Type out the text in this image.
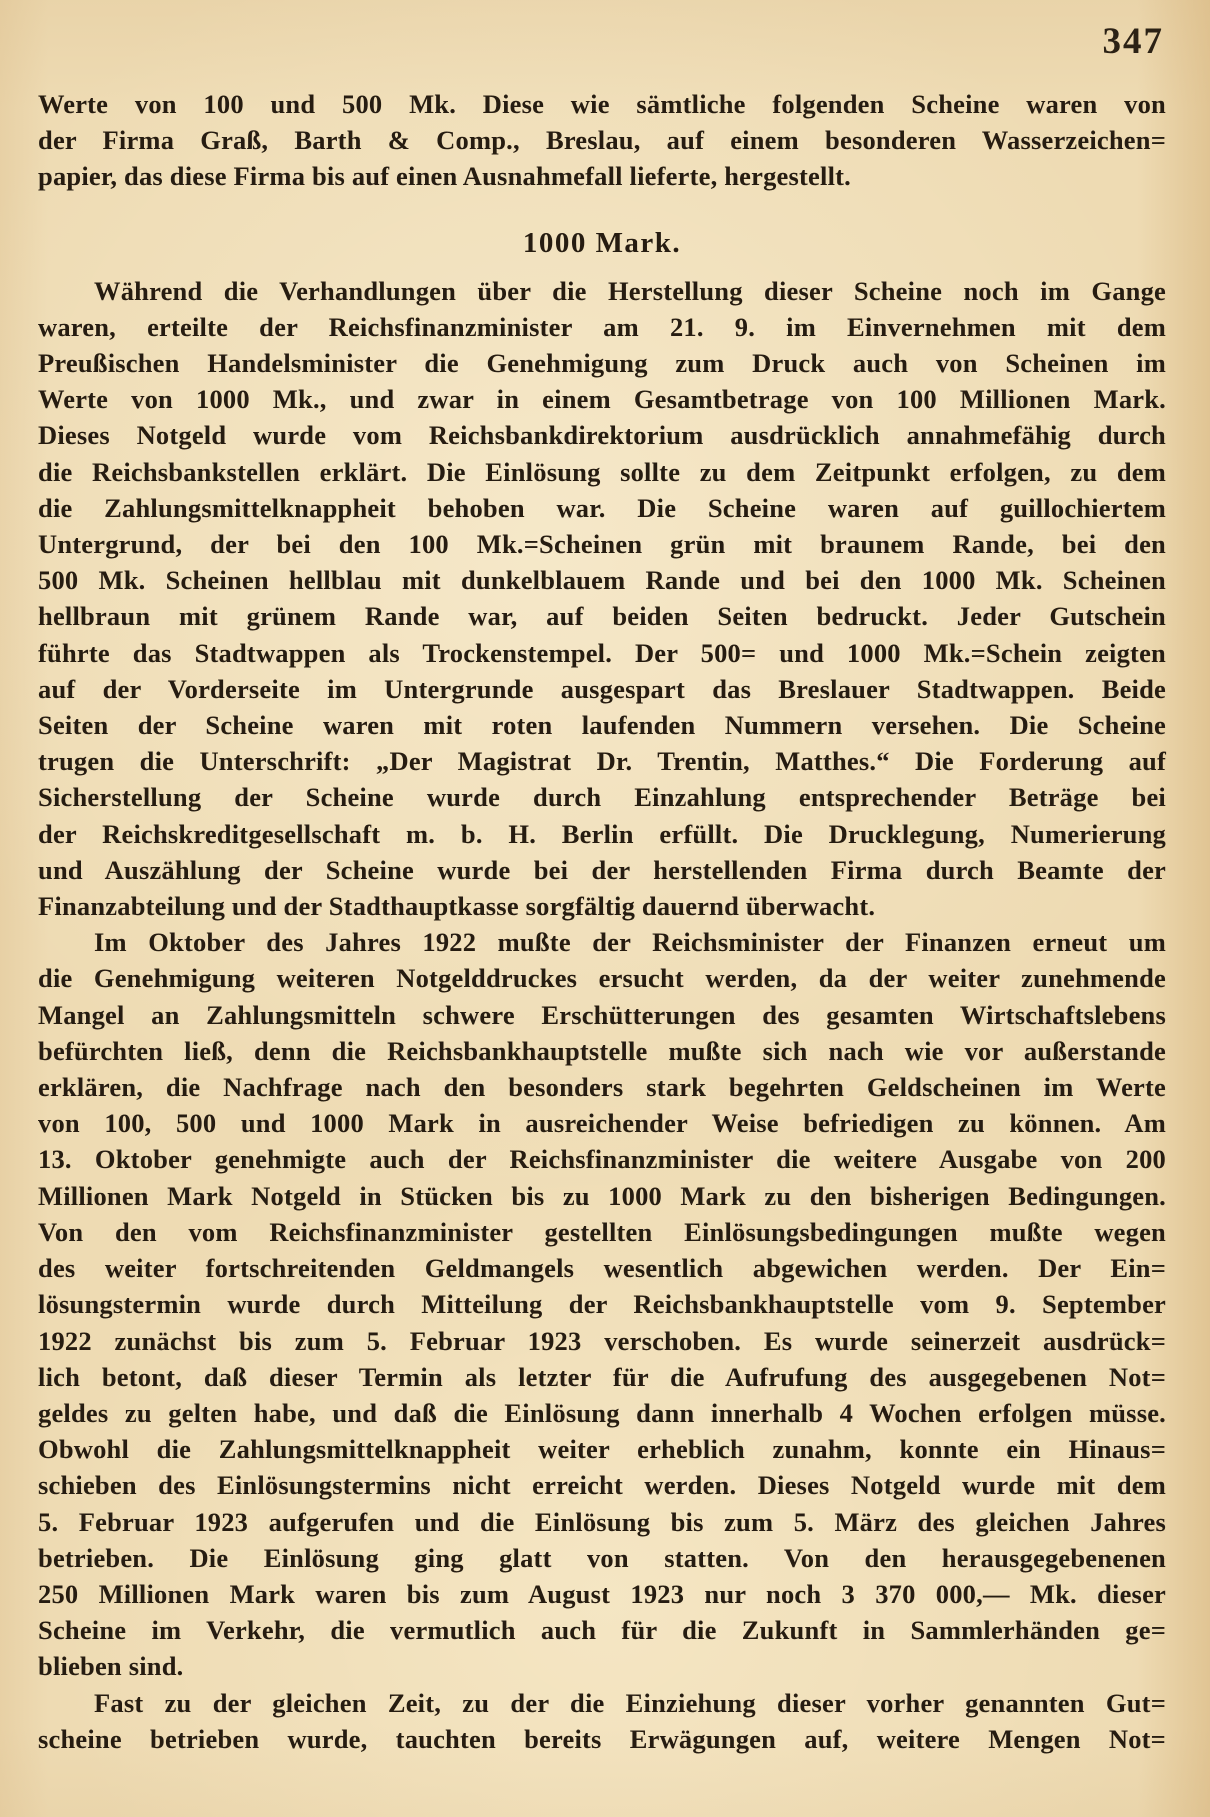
347
Werte von 100 und 500 Mk. Diese wie sämtliche folgenden Scheine waren von
der Firma Graß, Barth & Comp., Breslau, auf einem besonderen Wasserzeichen=
papier, das diese Firma bis auf einen Ausnahmefall lieferte, hergestellt.
1000 Mark.
Während die Verhandlungen über die Herstellung dieser Scheine noch im Gange
waren, erteilte der Reichsfinanzminister am 21. 9. im Einvernehmen mit dem
Preußischen Handelsminister die Genehmigung zum Druck auch von Scheinen im
Werte von 1000 Mk., und zwar in einem Gesamtbetrage von 100 Millionen Mark.
Dieses Notgeld wurde vom Reichsbankdirektorium ausdrücklich annahmefähig durch
die Reichsbankstellen erklärt. Die Einlösung sollte zu dem Zeitpunkt erfolgen, zu dem
die Zahlungsmittelknappheit behoben war. Die Scheine waren auf guillochiertem
Untergrund, der bei den 100 Mk.=Scheinen grün mit braunem Rande, bei den
500 Mk. Scheinen hellblau mit dunkelblauem Rande und bei den 1000 Mk. Scheinen
hellbraun mit grünem Rande war, auf beiden Seiten bedruckt. Jeder Gutschein
führte das Stadtwappen als Trockenstempel. Der 500= und 1000 Mk.=Schein zeigten
auf der Vorderseite im Untergrunde ausgespart das Breslauer Stadtwappen. Beide
Seiten der Scheine waren mit roten laufenden Nummern versehen. Die Scheine
trugen die Unterschrift: „Der Magistrat Dr. Trentin, Matthes.“ Die Forderung auf
Sicherstellung der Scheine wurde durch Einzahlung entsprechender Beträge bei
der Reichskreditgesellschaft m. b. H. Berlin erfüllt. Die Drucklegung, Numerierung
und Auszählung der Scheine wurde bei der herstellenden Firma durch Beamte der
Finanzabteilung und der Stadthauptkasse sorgfältig dauernd überwacht.
Im Oktober des Jahres 1922 mußte der Reichsminister der Finanzen erneut um
die Genehmigung weiteren Notgelddruckes ersucht werden, da der weiter zunehmende
Mangel an Zahlungsmitteln schwere Erschütterungen des gesamten Wirtschaftslebens
befürchten ließ, denn die Reichsbankhauptstelle mußte sich nach wie vor außerstande
erklären, die Nachfrage nach den besonders stark begehrten Geldscheinen im Werte
von 100, 500 und 1000 Mark in ausreichender Weise befriedigen zu können. Am
13. Oktober genehmigte auch der Reichsfinanzminister die weitere Ausgabe von 200
Millionen Mark Notgeld in Stücken bis zu 1000 Mark zu den bisherigen Bedingungen.
Von den vom Reichsfinanzminister gestellten Einlösungsbedingungen mußte wegen
des weiter fortschreitenden Geldmangels wesentlich abgewichen werden. Der Ein=
lösungstermin wurde durch Mitteilung der Reichsbankhauptstelle vom 9. September
1922 zunächst bis zum 5. Februar 1923 verschoben. Es wurde seinerzeit ausdrück=
lich betont, daß dieser Termin als letzter für die Aufrufung des ausgegebenen Not=
geldes zu gelten habe, und daß die Einlösung dann innerhalb 4 Wochen erfolgen müsse.
Obwohl die Zahlungsmittelknappheit weiter erheblich zunahm, konnte ein Hinaus=
schieben des Einlösungstermins nicht erreicht werden. Dieses Notgeld wurde mit dem
5. Februar 1923 aufgerufen und die Einlösung bis zum 5. März des gleichen Jahres
betrieben. Die Einlösung ging glatt von statten. Von den herausgegebenenen
250 Millionen Mark waren bis zum August 1923 nur noch 3 370 000,— Mk. dieser
Scheine im Verkehr, die vermutlich auch für die Zukunft in Sammlerhänden ge=
blieben sind.
Fast zu der gleichen Zeit, zu der die Einziehung dieser vorher genannten Gut=
scheine betrieben wurde, tauchten bereits Erwägungen auf, weitere Mengen Not=
